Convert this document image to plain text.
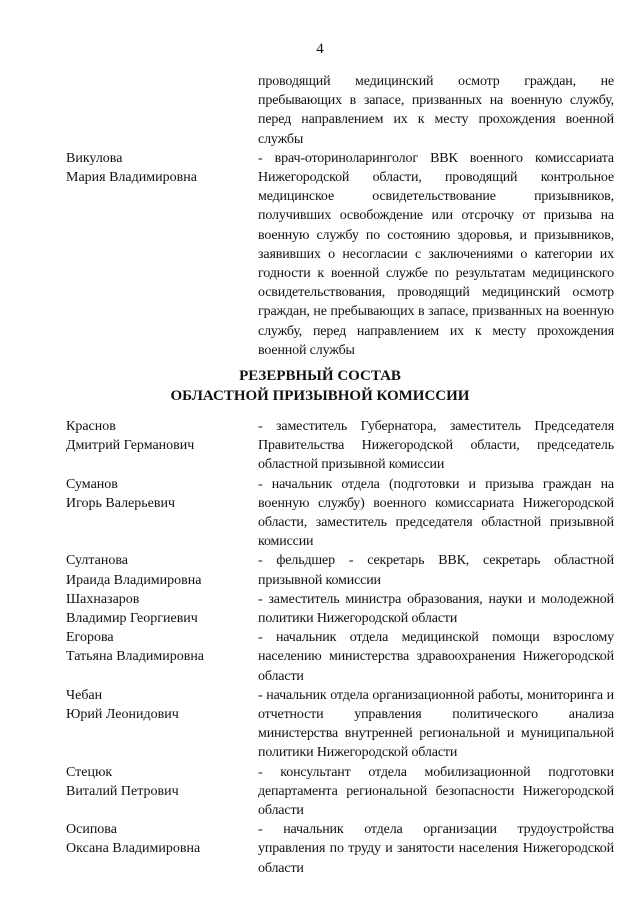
4
проводящий медицинский осмотр граждан, не пребывающих в запасе, призванных на военную службу, перед направлением их к месту прохождения военной службы
Викулова
Мария Владимировна
- врач-оториноларинголог ВВК военного комиссариата Нижегородской области, проводящий контрольное медицинское освидетельствование призывников, получивших освобождение или отсрочку от призыва на военную службу по состоянию здоровья, и призывников, заявивших о несогласии с заключениями о категории их годности к военной службе по результатам медицинского освидетельствования, проводящий медицинский осмотр граждан, не пребывающих в запасе, призванных на военную службу, перед направлением их к месту прохождения военной службы
РЕЗЕРВНЫЙ СОСТАВ
ОБЛАСТНОЙ ПРИЗЫВНОЙ КОМИССИИ
Краснов
Дмитрий Германович
- заместитель Губернатора, заместитель Председателя Правительства Нижегородской области, председатель областной призывной комиссии
Суманов
Игорь Валерьевич
- начальник отдела (подготовки и призыва граждан на военную службу) военного комиссариата Нижегородской области, заместитель председателя областной призывной комиссии
Султанова
Ираида Владимировна
- фельдшер - секретарь ВВК, секретарь областной призывной комиссии
Шахназаров
Владимир Георгиевич
- заместитель министра образования, науки и молодежной политики Нижегородской области
Егорова
Татьяна Владимировна
- начальник отдела медицинской помощи взрослому населению министерства здравоохранения Нижегородской области
Чебан
Юрий Леонидович
- начальник отдела организационной работы, мониторинга и отчетности управления политического анализа министерства внутренней региональной и муниципальной политики Нижегородской области
Стецюк
Виталий Петрович
- консультант отдела мобилизационной подготовки департамента региональной безопасности Нижегородской области
Осипова
Оксана Владимировна
- начальник отдела организации трудоустройства управления по труду и занятости населения Нижегородской области
